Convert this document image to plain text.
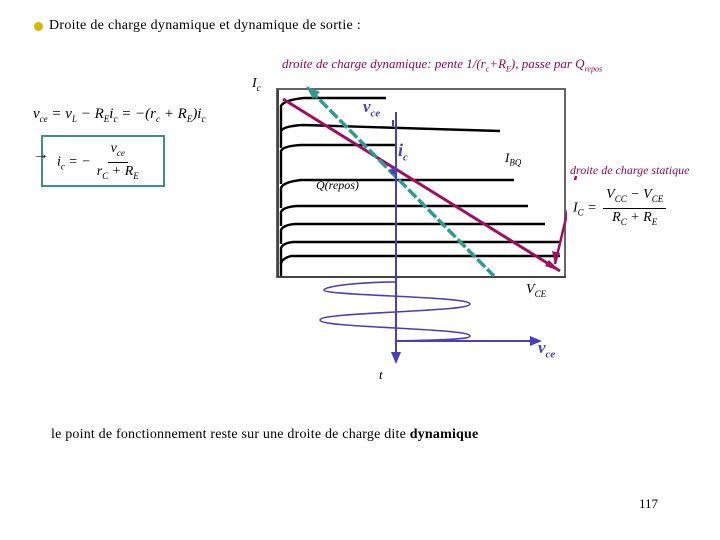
Droite de charge dynamique et dynamique de sortie :
droite de charge dynamique: pente $1/(r_c+R_E)$, passe par $Q_{repos}$
$I_c$
$v_{ce} = v_L - R_Ei_c = -(r_c + R_E)i_c$
→ $i_c$ = − $\frac{v_{ce}}{r_C + R_E}$
$v_{ce}$
$i_c$	$I_{BQ}$
Q(repos)
$V_{CE}$
$v_{ce}$
t
droite de charge statique
$I_C = \frac{V_{CC} - V_{CE}}{R_C + R_E}$
le point de fonctionnement reste sur une droite de charge dite dynamique
117
